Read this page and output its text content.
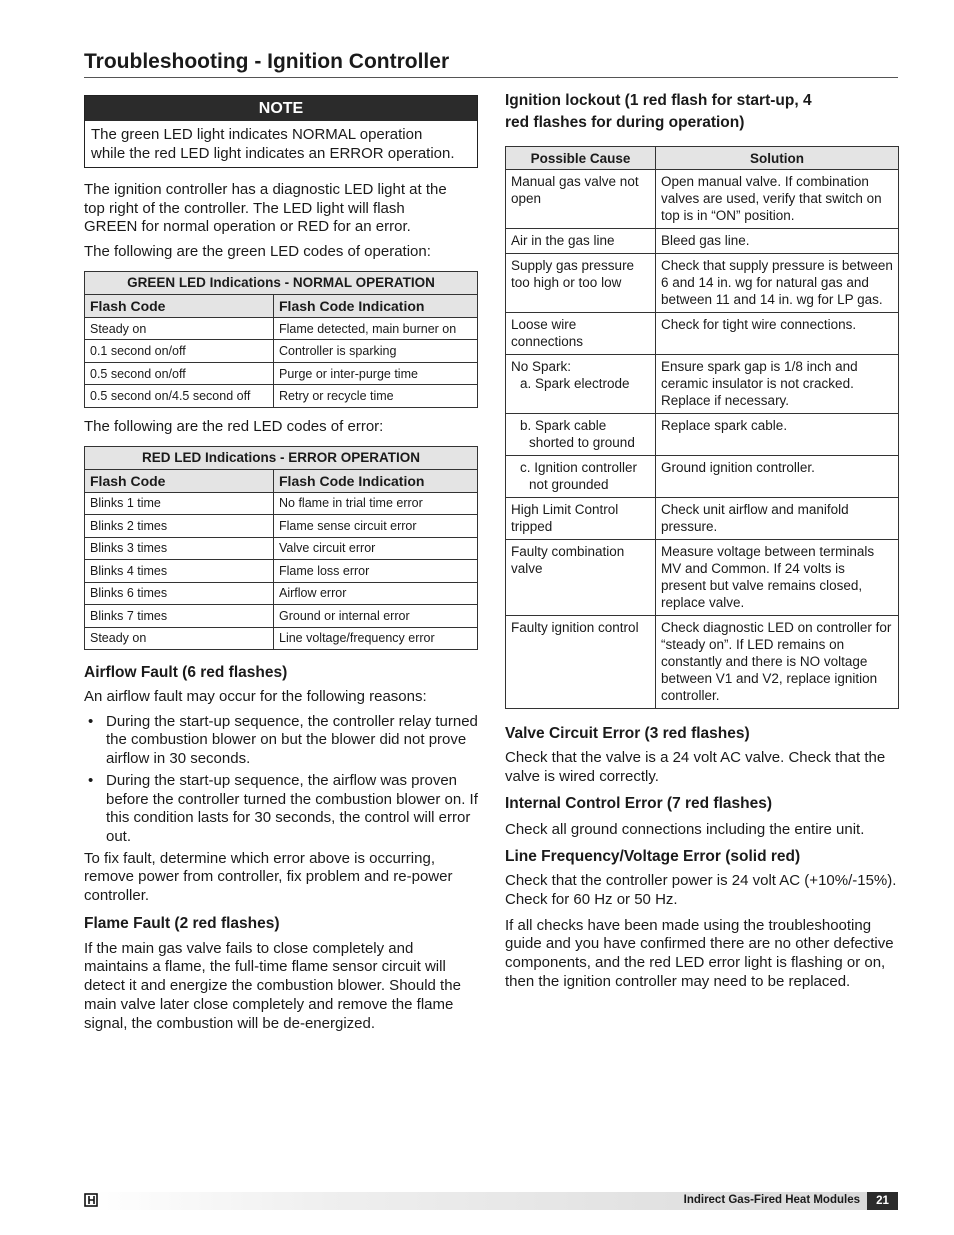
Troubleshooting - Ignition Controller
NOTE
The green LED light indicates NORMAL operation
while the red LED light indicates an ERROR operation.

The ignition controller has a diagnostic LED light at the top right of the controller. The LED light will flash GREEN for normal operation or RED for an error.

The following are the green LED codes of operation:

GREEN LED Indications - NORMAL OPERATION	
Flash Code	Flash Code Indication
Steady on	Flame detected, main burner on
0.1 second on/off	Controller is sparking
0.5 second on/off	Purge or inter-purge time
0.5 second on/4.5 second off	Retry or recycle time

The following are the red LED codes of error:

RED LED Indications - ERROR OPERATION	
Flash Code	Flash Code Indication
Blinks 1 time	No flame in trial time error
Blinks 2 times	Flame sense circuit error
Blinks 3 times	Valve circuit error
Blinks 4 times	Flame loss error
Blinks 6 times	Airflow error
Blinks 7 times	Ground or internal error
Steady on	Line voltage/frequency error
Airflow Fault (6 red flashes)

An airflow fault may occur for the following reasons:

• During the start-up sequence, the controller relay turned the combustion blower on but the blower did not prove airflow in 30 seconds.
• During the start-up sequence, the airflow was proven before the controller turned the combustion blower on. If this condition lasts for 30 seconds, the control will error out.

To fix fault, determine which error above is occurring, remove power from controller, fix problem and re-power controller.

Flame Fault (2 red flashes)

If the main gas valve fails to close completely and maintains a flame, the full-time flame sensor circuit will detect it and energize the combustion blower. Should the main valve later close completely and remove the flame signal, the combustion will be de-energized.

Ignition lockout (1 red flash for start-up, 4
red flashes for during operation)
Possible Cause	Solution
Manual gas valve not open	Open manual valve. If combination valves are used, verify that switch on top is in “ON” position.
Air in the gas line	Bleed gas line.
Supply gas pressure too high or too low	Check that supply pressure is between 6 and 14 in. wg for natural gas and between 11 and 14 in. wg for LP gas.
Loose wire connections	Check for tight wire connections.

No Spark:
a. Spark electrode	Ensure spark gap is 1/8 inch and ceramic insulator is not cracked. Replace if necessary.

b. Spark cable shorted to ground	Replace spark cable.

c. Ignition controller not grounded	Ground ignition controller.
High Limit Control tripped	Check unit airflow and manifold pressure.
Faulty combination valve	Measure voltage between terminals MV and Common. If 24 volts is present but valve remains closed, replace valve.
Faulty ignition control	Check diagnostic LED on controller for “steady on”. If LED remains on constantly and there is NO voltage between V1 and V2, replace ignition controller.
Valve Circuit Error (3 red flashes)

Check that the valve is a 24 volt AC valve. Check that the valve is wired correctly.

Internal Control Error (7 red flashes)

Check all ground connections including the entire unit.

Line Frequency/Voltage Error (solid red)

Check that the controller power is 24 volt AC (+10%/-15%). Check for 60 Hz or 50 Hz.

If all checks have been made using the troubleshooting guide and you have confirmed there are no other defective components, and the red LED error light is flashing or on, then the ignition controller may need to be replaced.

Indirect Gas-Fired Heat Modules	21
